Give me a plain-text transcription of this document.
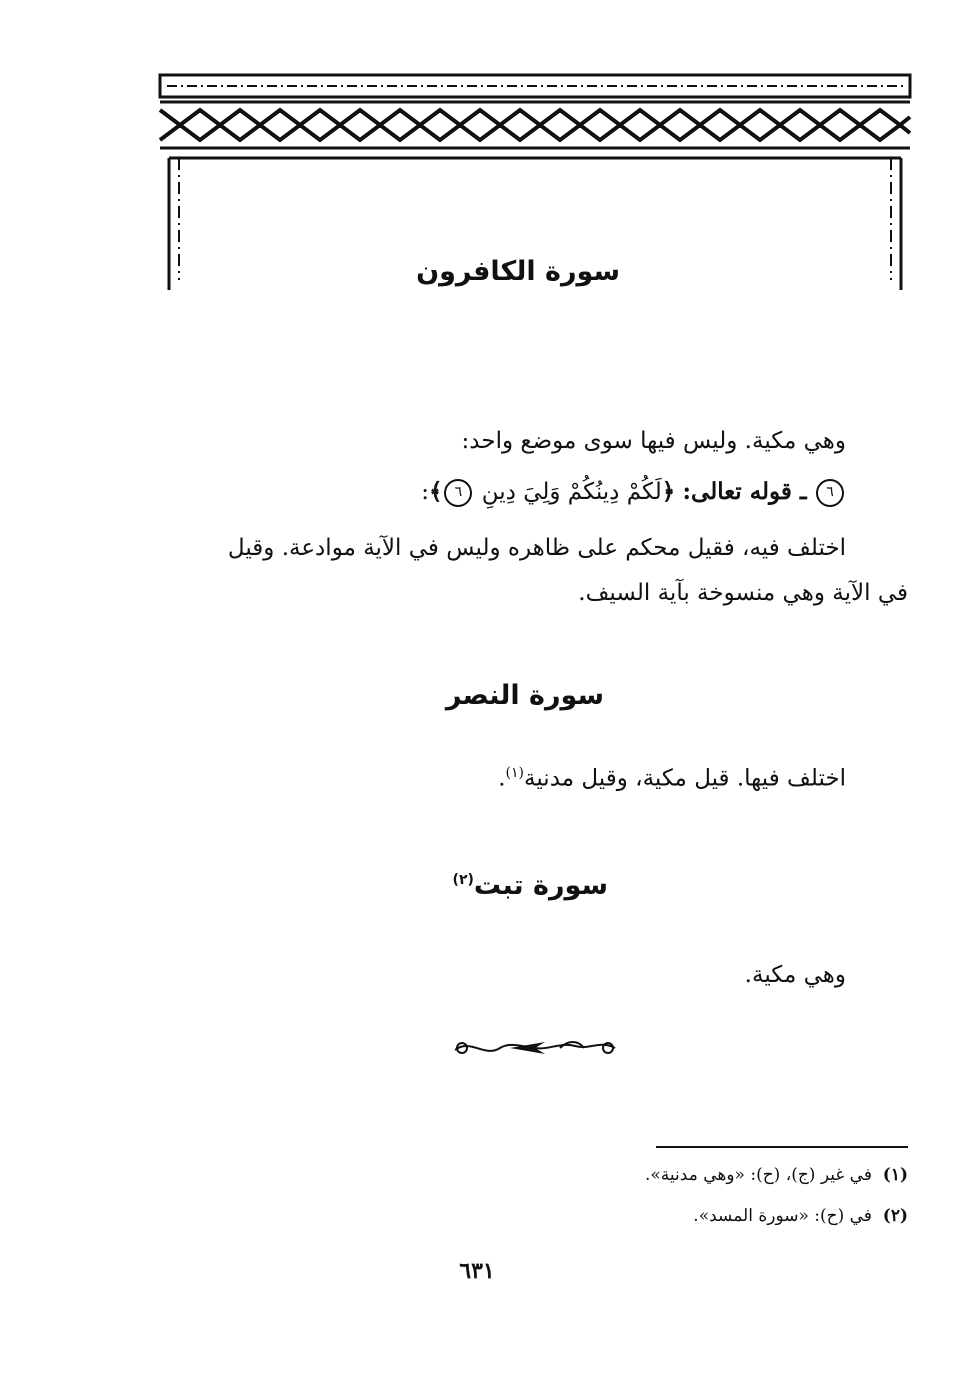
سورة الكافرون
وهي مكية. وليس فيها سوى موضع واحد:
٦ ـ قوله تعالى: ﴿لَكُمْ دِينُكُمْ وَلِيَ دِينِ ٦﴾:
اختلف فيه، فقيل محكم على ظاهره وليس في الآية موادعة. وقيل
في الآية وهي منسوخة بآية السيف.
سورة النصر
اختلف فيها. قيل مكية، وقيل مدنية$^{(١)}$.
سورة تبت$^{(٢)}$
وهي مكية.
(١)  في غير (ج)، (ح): «وهي مدنية».
(٢)  في (ح): «سورة المسد».
٦٣١
